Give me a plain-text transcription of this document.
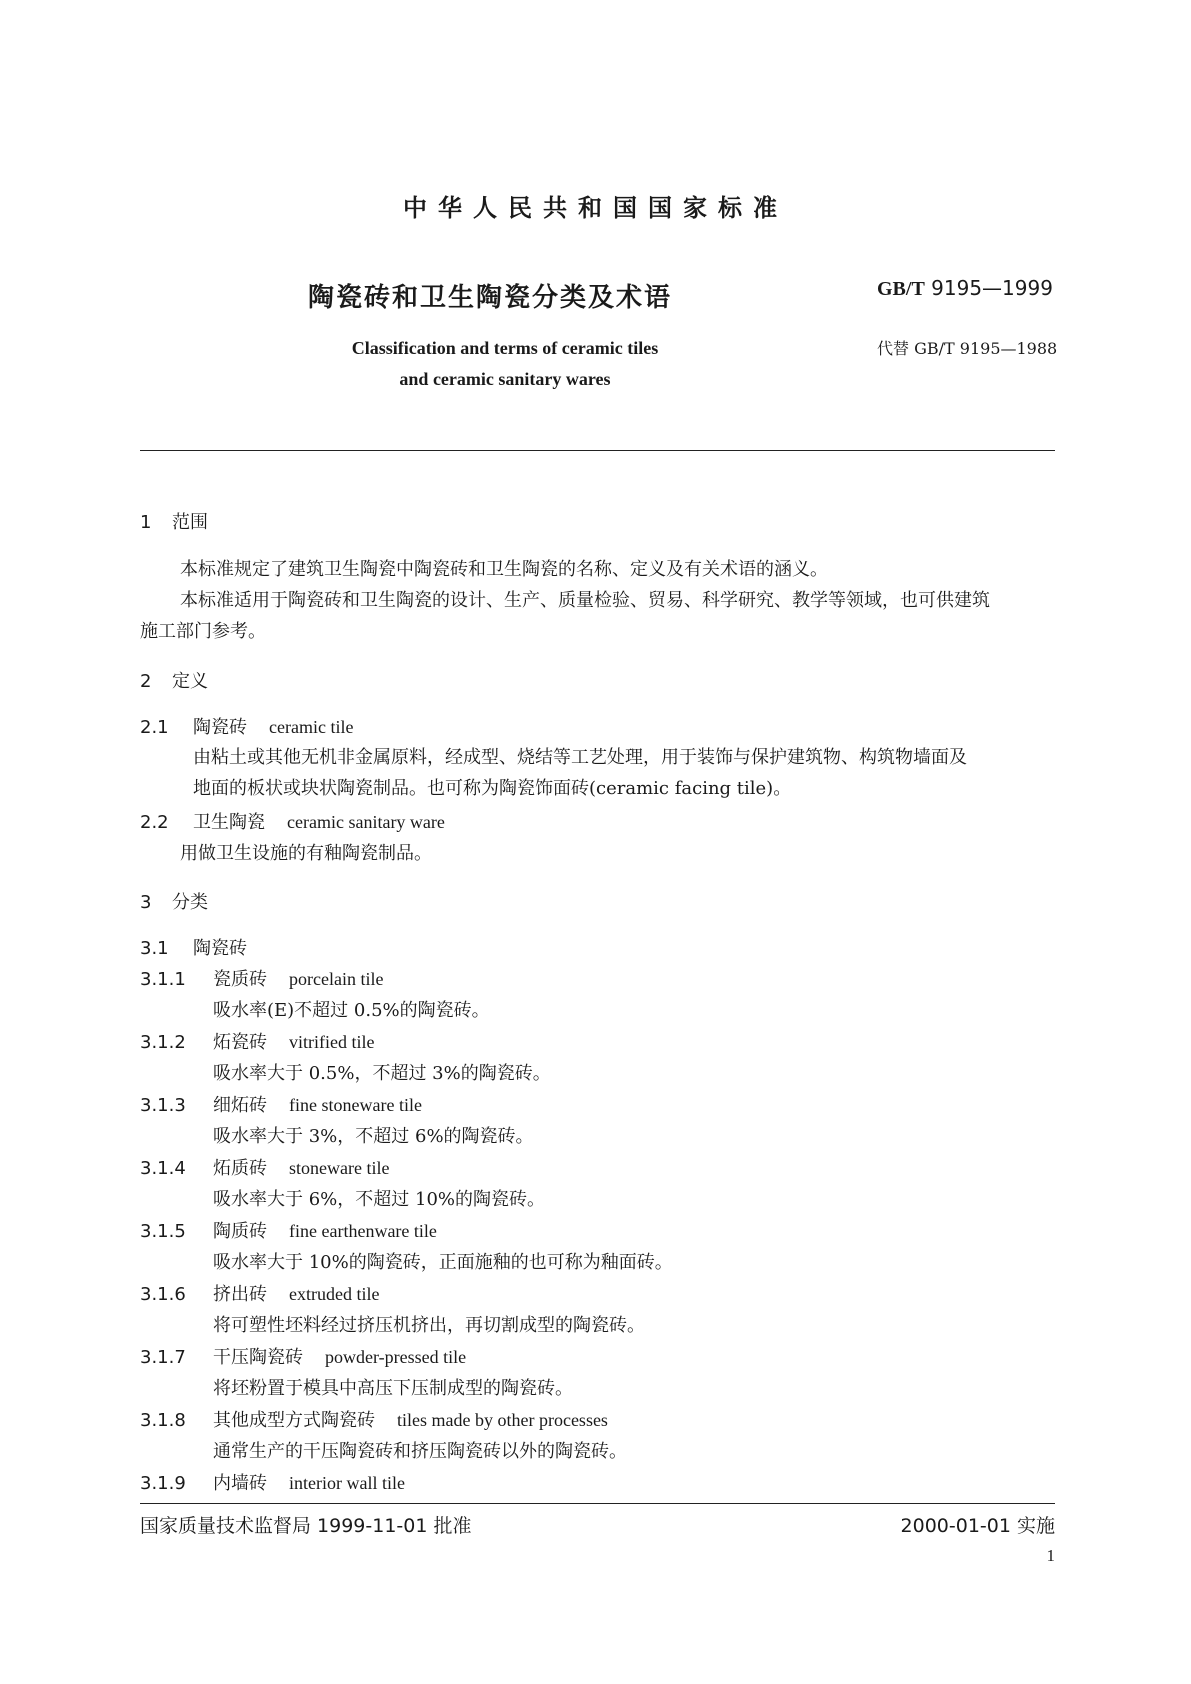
中华人民共和国国家标准
陶瓷砖和卫生陶瓷分类及术语	GB/T 9195—1999
Classification and terms of ceramic tiles
and ceramic sanitary wares
代替 GB/T 9195—1988
1 范围
本标准规定了建筑卫生陶瓷中陶瓷砖和卫生陶瓷的名称、定义及有关术语的涵义。
本标准适用于陶瓷砖和卫生陶瓷的设计、生产、质量检验、贸易、科学研究、教学等领域，也可供建筑
施工部门参考。
2 定义
2.1 陶瓷砖 ceramic tile
由粘土或其他无机非金属原料，经成型、烧结等工艺处理，用于装饰与保护建筑物、构筑物墙面及
地面的板状或块状陶瓷制品。也可称为陶瓷饰面砖(ceramic facing tile)。
2.2 卫生陶瓷 ceramic sanitary ware
用做卫生设施的有釉陶瓷制品。
3 分类
3.1 陶瓷砖
3.1.1 瓷质砖 porcelain tile
吸水率(E)不超过 0.5%的陶瓷砖。
3.1.2 炻瓷砖 vitrified tile
吸水率大于 0.5%，不超过 3%的陶瓷砖。
3.1.3 细炻砖 fine stoneware tile
吸水率大于 3%，不超过 6%的陶瓷砖。
3.1.4 炻质砖 stoneware tile
吸水率大于 6%，不超过 10%的陶瓷砖。
3.1.5 陶质砖 fine earthenware tile
吸水率大于 10%的陶瓷砖，正面施釉的也可称为釉面砖。
3.1.6 挤出砖 extruded tile
将可塑性坯料经过挤压机挤出，再切割成型的陶瓷砖。
3.1.7 干压陶瓷砖 powder-pressed tile
将坯粉置于模具中高压下压制成型的陶瓷砖。
3.1.8 其他成型方式陶瓷砖 tiles made by other processes
通常生产的干压陶瓷砖和挤压陶瓷砖以外的陶瓷砖。
3.1.9 内墙砖 interior wall tile
国家质量技术监督局 1999-11-01 批准	2000-01-01 实施
1
